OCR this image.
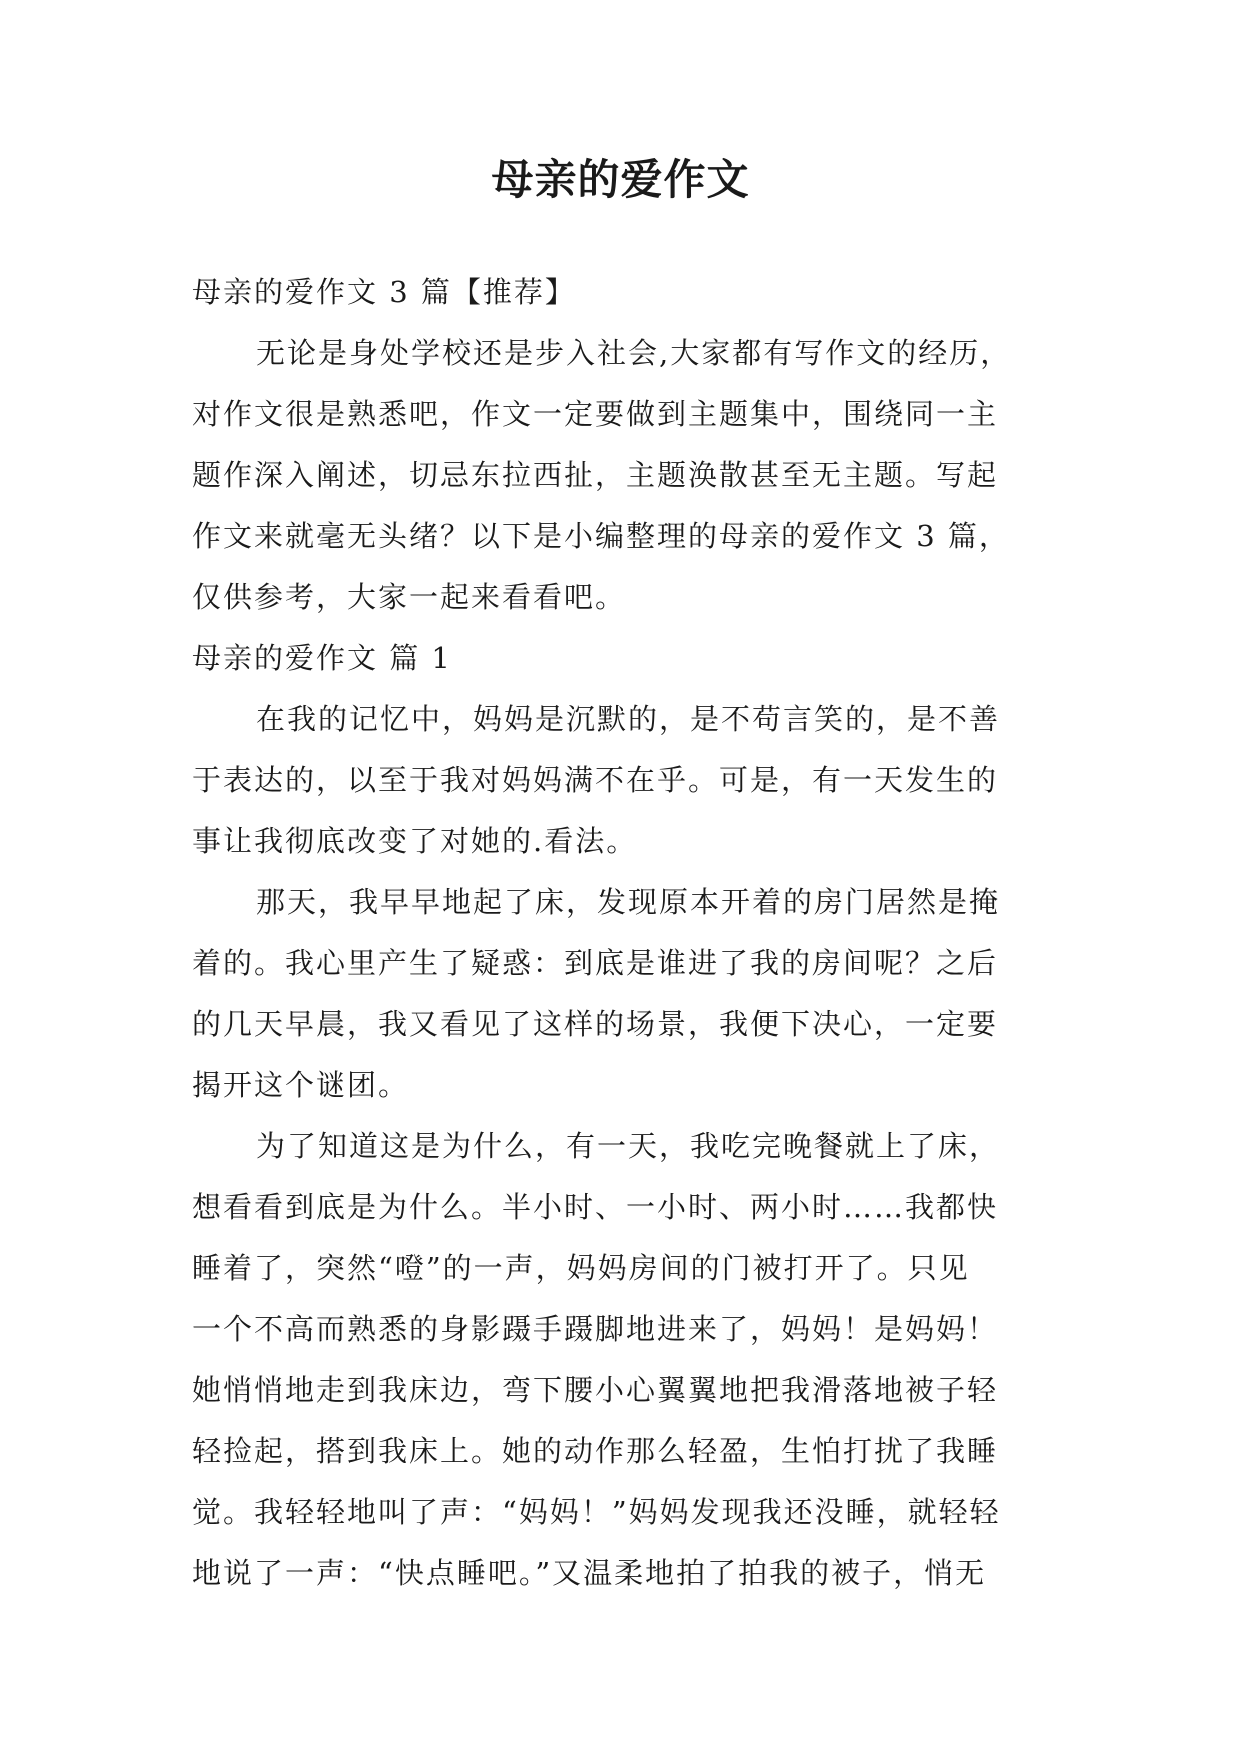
母亲的爱作文
母亲的爱作文 3 篇【推荐】
无论是身处学校还是步入社会,大家都有写作文的经历，
对作文很是熟悉吧，作文一定要做到主题集中，围绕同一主
题作深入阐述，切忌东拉西扯，主题涣散甚至无主题。写起
作文来就毫无头绪？以下是小编整理的母亲的爱作文 3 篇，
仅供参考，大家一起来看看吧。
母亲的爱作文 篇 1
在我的记忆中，妈妈是沉默的，是不苟言笑的，是不善
于表达的，以至于我对妈妈满不在乎。可是，有一天发生的
事让我彻底改变了对她的.看法。
那天，我早早地起了床，发现原本开着的房门居然是掩
着的。我心里产生了疑惑：到底是谁进了我的房间呢？之后
的几天早晨，我又看见了这样的场景，我便下决心，一定要
揭开这个谜团。
为了知道这是为什么，有一天，我吃完晚餐就上了床，
想看看到底是为什么。半小时、一小时、两小时……我都快
睡着了，突然“噔”的一声，妈妈房间的门被打开了。只见
一个不高而熟悉的身影蹑手蹑脚地进来了，妈妈！是妈妈！
她悄悄地走到我床边，弯下腰小心翼翼地把我滑落地被子轻
轻捡起，搭到我床上。她的动作那么轻盈，生怕打扰了我睡
觉。我轻轻地叫了声：“妈妈！”妈妈发现我还没睡，就轻轻
地说了一声：“快点睡吧。”又温柔地拍了拍我的被子，悄无
